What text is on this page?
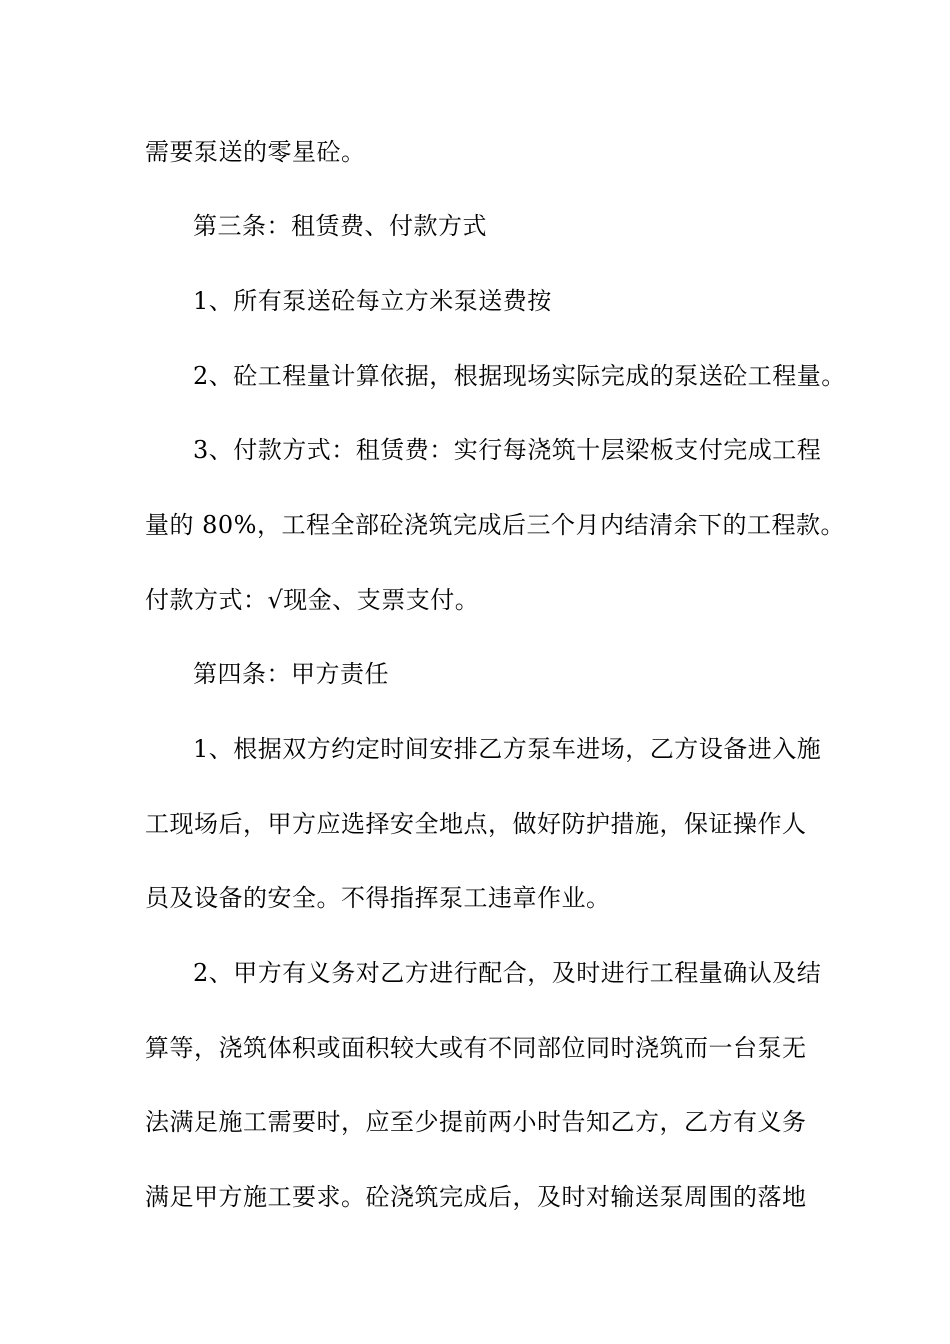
需要泵送的零星砼。
第三条：租赁费、付款方式
1、所有泵送砼每立方米泵送费按
2、砼工程量计算依据，根据现场实际完成的泵送砼工程量。
3、付款方式：租赁费：实行每浇筑十层梁板支付完成工程
量的 80%，工程全部砼浇筑完成后三个月内结清余下的工程款。
付款方式：√现金、支票支付。
第四条：甲方责任
1、根据双方约定时间安排乙方泵车进场，乙方设备进入施
工现场后，甲方应选择安全地点，做好防护措施，保证操作人
员及设备的安全。不得指挥泵工违章作业。
2、甲方有义务对乙方进行配合，及时进行工程量确认及结
算等，浇筑体积或面积较大或有不同部位同时浇筑而一台泵无
法满足施工需要时，应至少提前两小时告知乙方，乙方有义务
满足甲方施工要求。砼浇筑完成后，及时对输送泵周围的落地
